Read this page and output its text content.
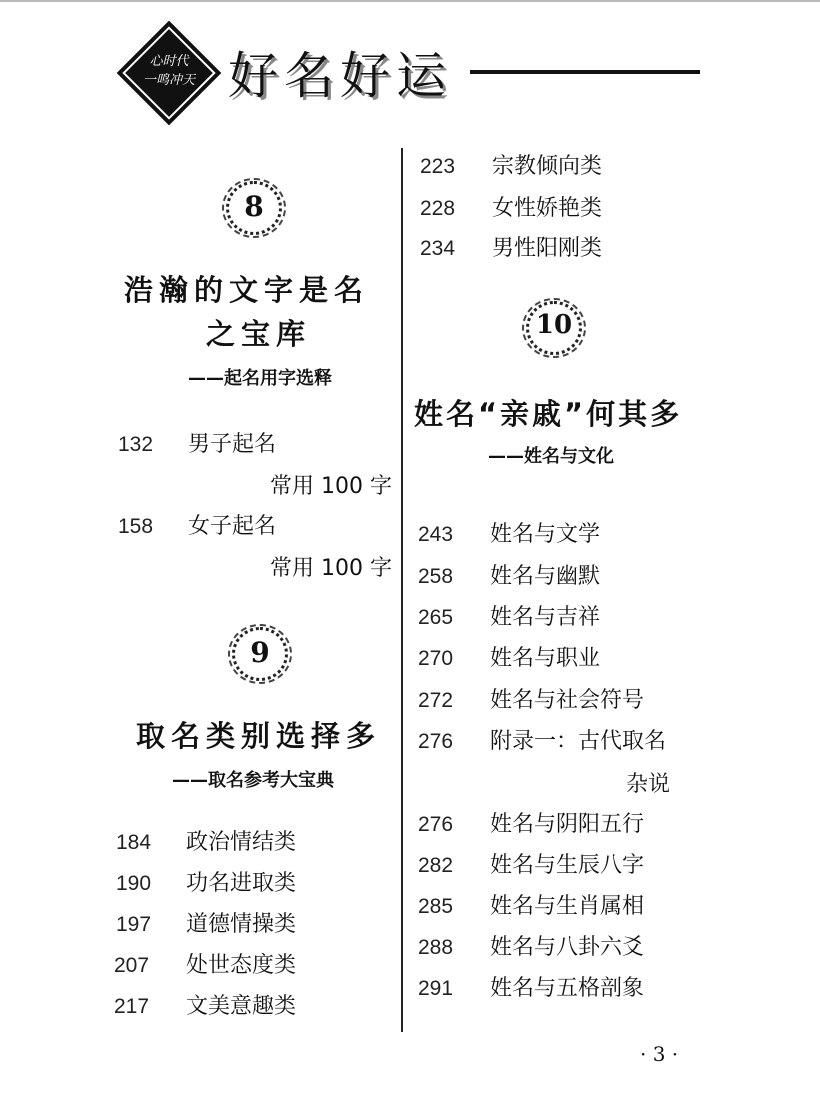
心时代
一鸣冲天 好名好运
8
浩瀚的文字是名
之宝库
——起名用字选释
132 男子起名
常用 100 字
158 女子起名
常用 100 字
9
取名类别选择多
——取名参考大宝典
184 政治情结类
190 功名进取类
197 道德情操类
207 处世态度类
217 文美意趣类
223 宗教倾向类
228 女性娇艳类
234 男性阳刚类
10
姓名“亲戚”何其多
——姓名与文化
243 姓名与文学
258 姓名与幽默
265 姓名与吉祥
270 姓名与职业
272 姓名与社会符号
276 附录一：古代取名
杂说
276 姓名与阴阳五行
282 姓名与生辰八字
285 姓名与生肖属相
288 姓名与八卦六爻
291 姓名与五格剖象
· 3 ·
